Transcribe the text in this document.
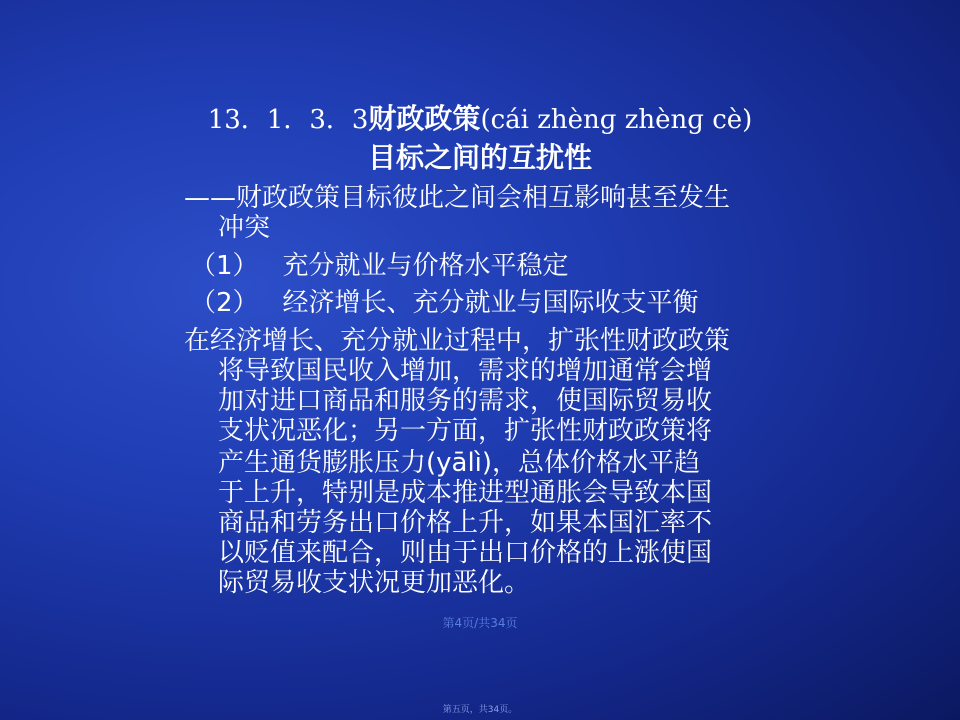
13．1．3．3财政政策(cái zhènɡ zhènɡ cè)
目标之间的互扰性
——财政政策目标彼此之间会相互影响甚至发生
冲突
（1） 充分就业与价格水平稳定
（2） 经济增长、充分就业与国际收支平衡
在经济增长、充分就业过程中，扩张性财政政策
将导致国民收入增加，需求的增加通常会增
加对进口商品和服务的需求，使国际贸易收
支状况恶化；另一方面，扩张性财政政策将
产生通货膨胀压力(yālì)，总体价格水平趋
于上升，特别是成本推进型通胀会导致本国
商品和劳务出口价格上升，如果本国汇率不
以贬值来配合，则由于出口价格的上涨使国
际贸易收支状况更加恶化。
第4页/共34页
第五页，共34页。
